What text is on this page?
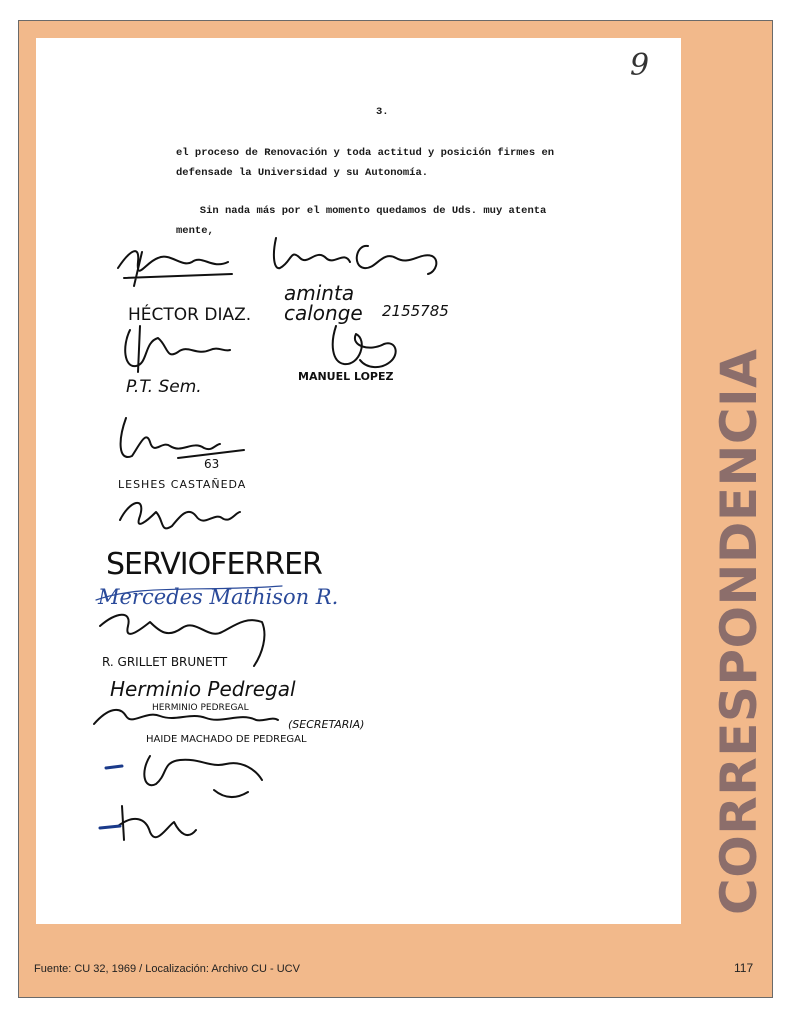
9
3.
el proceso de Renovación y toda actitud y posición firmes en
defensade la Universidad y su Autonomía.
Sin nada más por el momento quedamos de Uds. muy atenta
mente,
aminta
calonge 2155785
HÉCTOR DIAZ.
P.T. Sem.
MANUEL LOPEZ
63
LESHES CASTAÑEDA
SERVIOFERRER
Mercedes Mathison R.
R. GRILLET BRUNETT
Herminio Pedregal
HERMINIO PEDREGAL
(SECRETARIA)
HAIDE MACHADO DE PEDREGAL	CORRESPONDENCIA
Fuente: CU 32, 1969 / Localización: Archivo CU - UCV	117
